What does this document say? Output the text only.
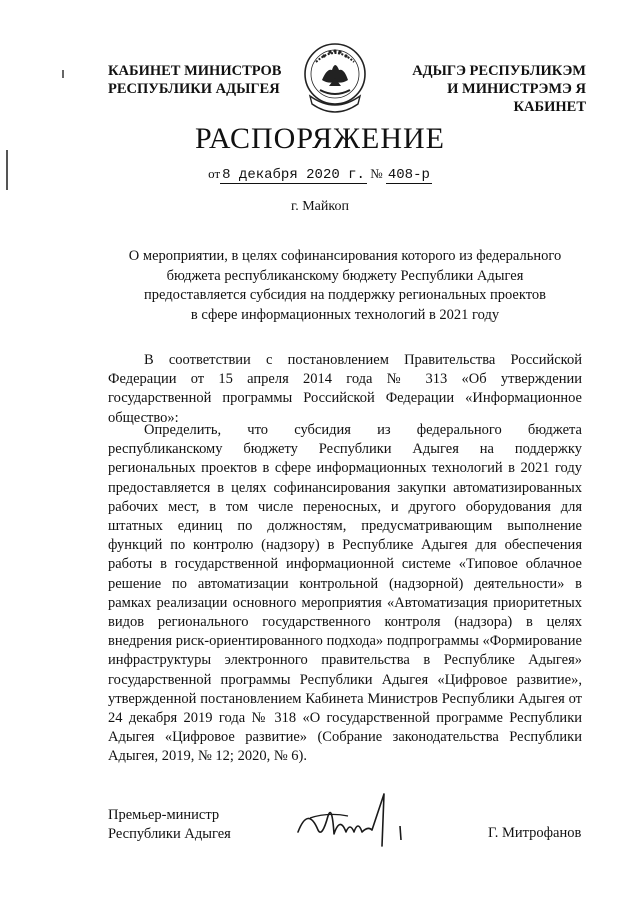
КАБИНЕТ МИНИСТРОВ
РЕСПУБЛИКИ АДЫГЕЯ
АДЫГЭ РЕСПУБЛИКЭМ
И МИНИСТРЭМЭ Я КАБИНЕТ
РАСПОРЯЖЕНИЕ
от 8 декабря 2020 г. № 408-р
г. Майкоп
О мероприятии, в целях софинансирования которого из федерального
бюджета республиканскому бюджету Республики Адыгея
предоставляется субсидия на поддержку региональных проектов
в сфере информационных технологий в 2021 году
В соответствии с постановлением Правительства Российской Федерации от 15 апреля 2014 года № 313 «Об утверждении государственной программы Российской Федерации «Информационное общество»:
Определить, что субсидия из федерального бюджета республиканскому бюджету Республики Адыгея на поддержку региональных проектов в сфере информационных технологий в 2021 году предоставляется в целях софинансирования закупки автоматизированных рабочих мест, в том числе переносных, и другого оборудования для штатных единиц по должностям, предусматривающим выполнение функций по контролю (надзору) в Республике Адыгея для обеспечения работы в государственной информационной системе «Типовое облачное решение по автоматизации контрольной (надзорной) деятельности» в рамках реализации основного мероприятия «Автоматизация приоритетных видов регионального государственного контроля (надзора) в целях внедрения риск-ориентированного подхода» подпрограммы «Формирование инфраструктуры электронного правительства в Республике Адыгея» государственной программы Республики Адыгея «Цифровое развитие», утвержденной постановлением Кабинета Министров Республики Адыгея от 24 декабря 2019 года № 318 «О государственной программе Республики Адыгея «Цифровое развитие» (Собрание законодательства Республики Адыгея, 2019, № 12; 2020, № 6).
Премьер-министр
Республики Адыгея	Г. Митрофанов
